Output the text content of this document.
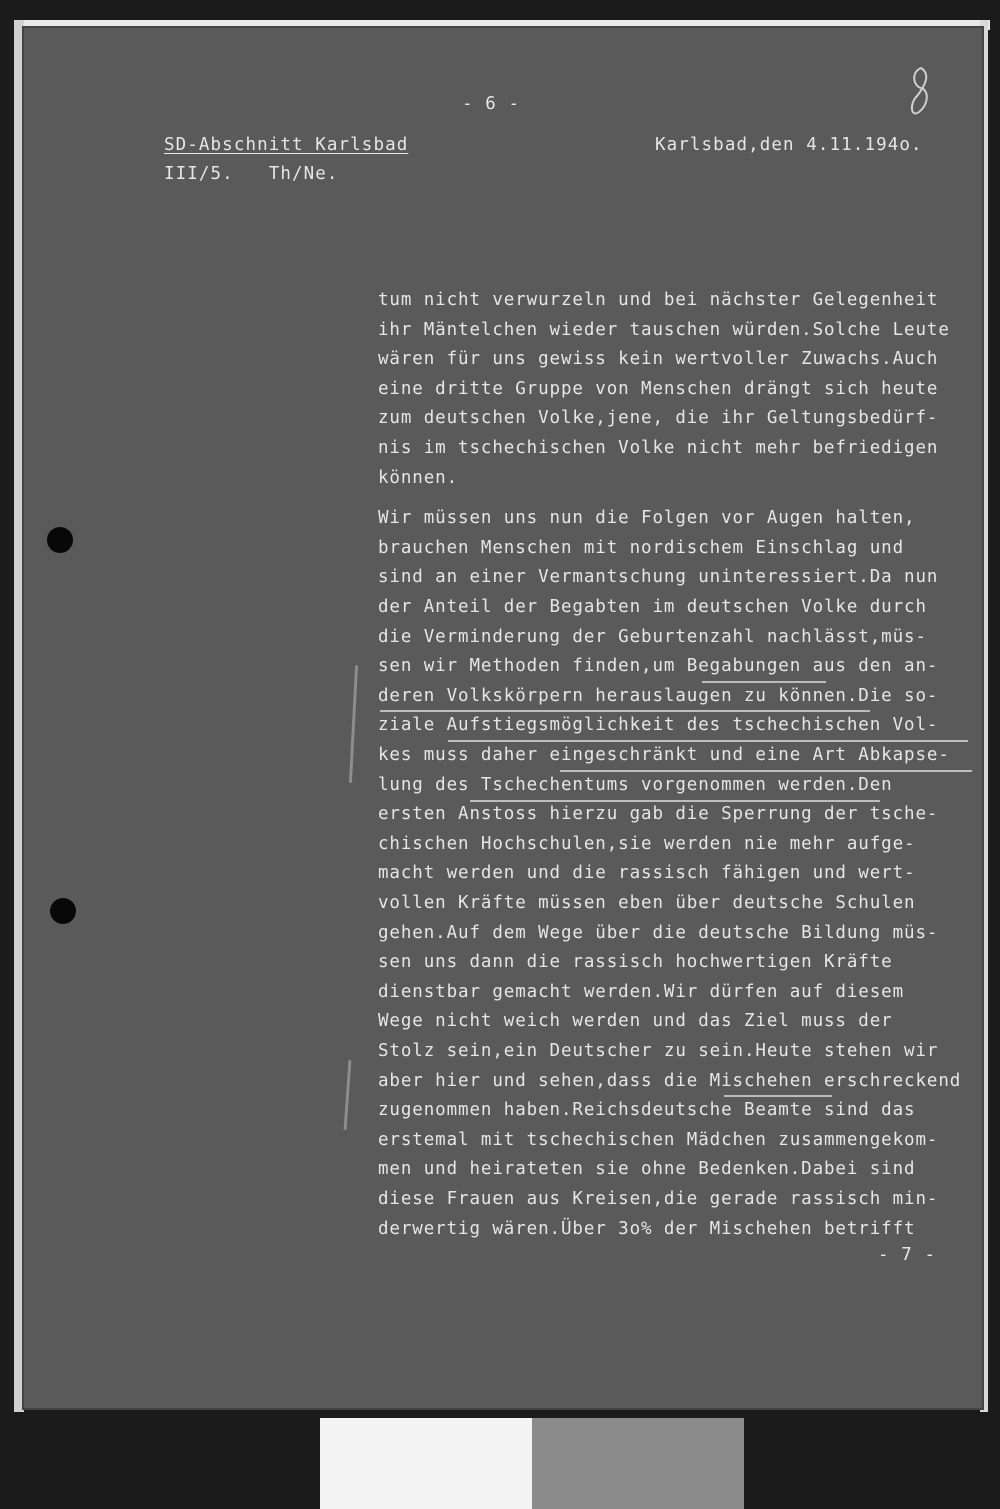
- 6 -
SD-Abschnitt Karlsbad
III/5.   Th/Ne.
Karlsbad,den 4.11.194o.
tum nicht verwurzeln und bei nächster Gelegenheit
ihr Mäntelchen wieder tauschen würden.Solche Leute
wären für uns gewiss kein wertvoller Zuwachs.Auch
eine dritte Gruppe von Menschen drängt sich heute
zum deutschen Volke,jene, die ihr Geltungsbedürf-
nis im tschechischen Volke nicht mehr befriedigen
können.
Wir müssen uns nun die Folgen vor Augen halten,
brauchen Menschen mit nordischem Einschlag und
sind an einer Vermantschung uninteressiert.Da nun
der Anteil der Begabten im deutschen Volke durch
die Verminderung der Geburtenzahl nachlässt,müs-
sen wir Methoden finden,um Begabungen aus den an-
deren Volkskörpern herauslaugen zu können.Die so-
ziale Aufstiegsmöglichkeit des tschechischen Vol-
kes muss daher eingeschränkt und eine Art Abkapse-
lung des Tschechentums vorgenommen werden.Den
ersten Anstoss hierzu gab die Sperrung der tsche-
chischen Hochschulen,sie werden nie mehr aufge-
macht werden und die rassisch fähigen und wert-
vollen Kräfte müssen eben über deutsche Schulen
gehen.Auf dem Wege über die deutsche Bildung müs-
sen uns dann die rassisch hochwertigen Kräfte
dienstbar gemacht werden.Wir dürfen auf diesem
Wege nicht weich werden und das Ziel muss der
Stolz sein,ein Deutscher zu sein.Heute stehen wir
aber hier und sehen,dass die Mischehen erschreckend
zugenommen haben.Reichsdeutsche Beamte sind das
erstemal mit tschechischen Mädchen zusammengekom-
men und heirateten sie ohne Bedenken.Dabei sind
diese Frauen aus Kreisen,die gerade rassisch min-
derwertig wären.Über 3o% der Mischehen betrifft
- 7 -
